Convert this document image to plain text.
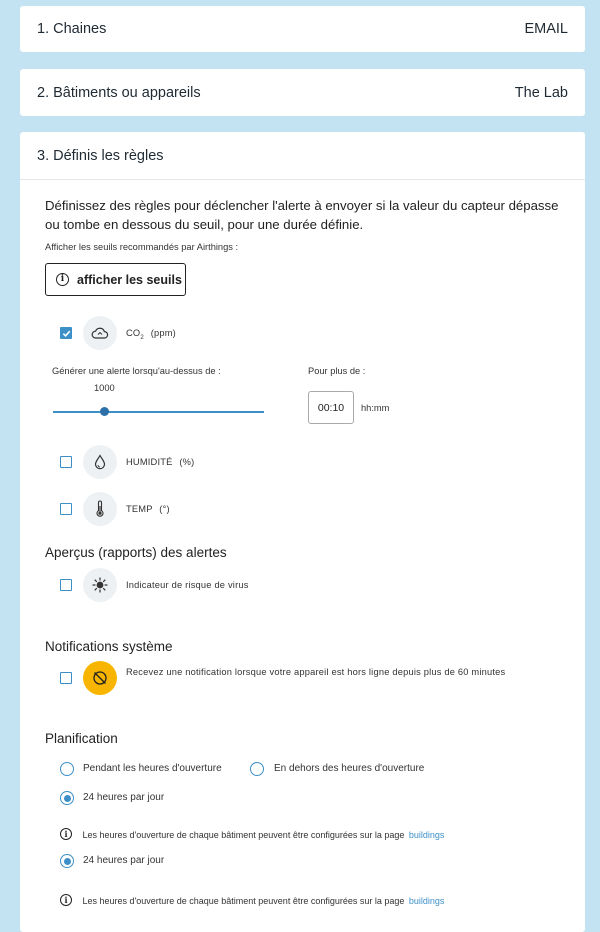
1. Chaines	EMAIL
2. Bâtiments ou appareils	The Lab
3. Définis les règles
Définissez des règles pour déclencher l'alerte à envoyer si la valeur du capteur dépasse ou tombe en dessous du seuil, pour une durée définie.
Afficher les seuils recommandés par Airthings :
i	afficher les seuils
$CO_2$ (ppm)
Générer une alerte lorsqu'au-dessus de :
1000
Pour plus de :
00:10	hh:mm
HUMIDITÉ (%)
TEMP (°)
Aperçus (rapports) des alertes
Indicateur de risque de virus
Notifications système
Recevez une notification lorsque votre appareil est hors ligne depuis plus de 60 minutes
Planification
Pendant les heures d'ouverture	En dehors des heures d'ouverture
24 heures par jour
i Les heures d'ouverture de chaque bâtiment peuvent être configurées sur la page buildings
24 heures par jour
i Les heures d'ouverture de chaque bâtiment peuvent être configurées sur la page buildings
